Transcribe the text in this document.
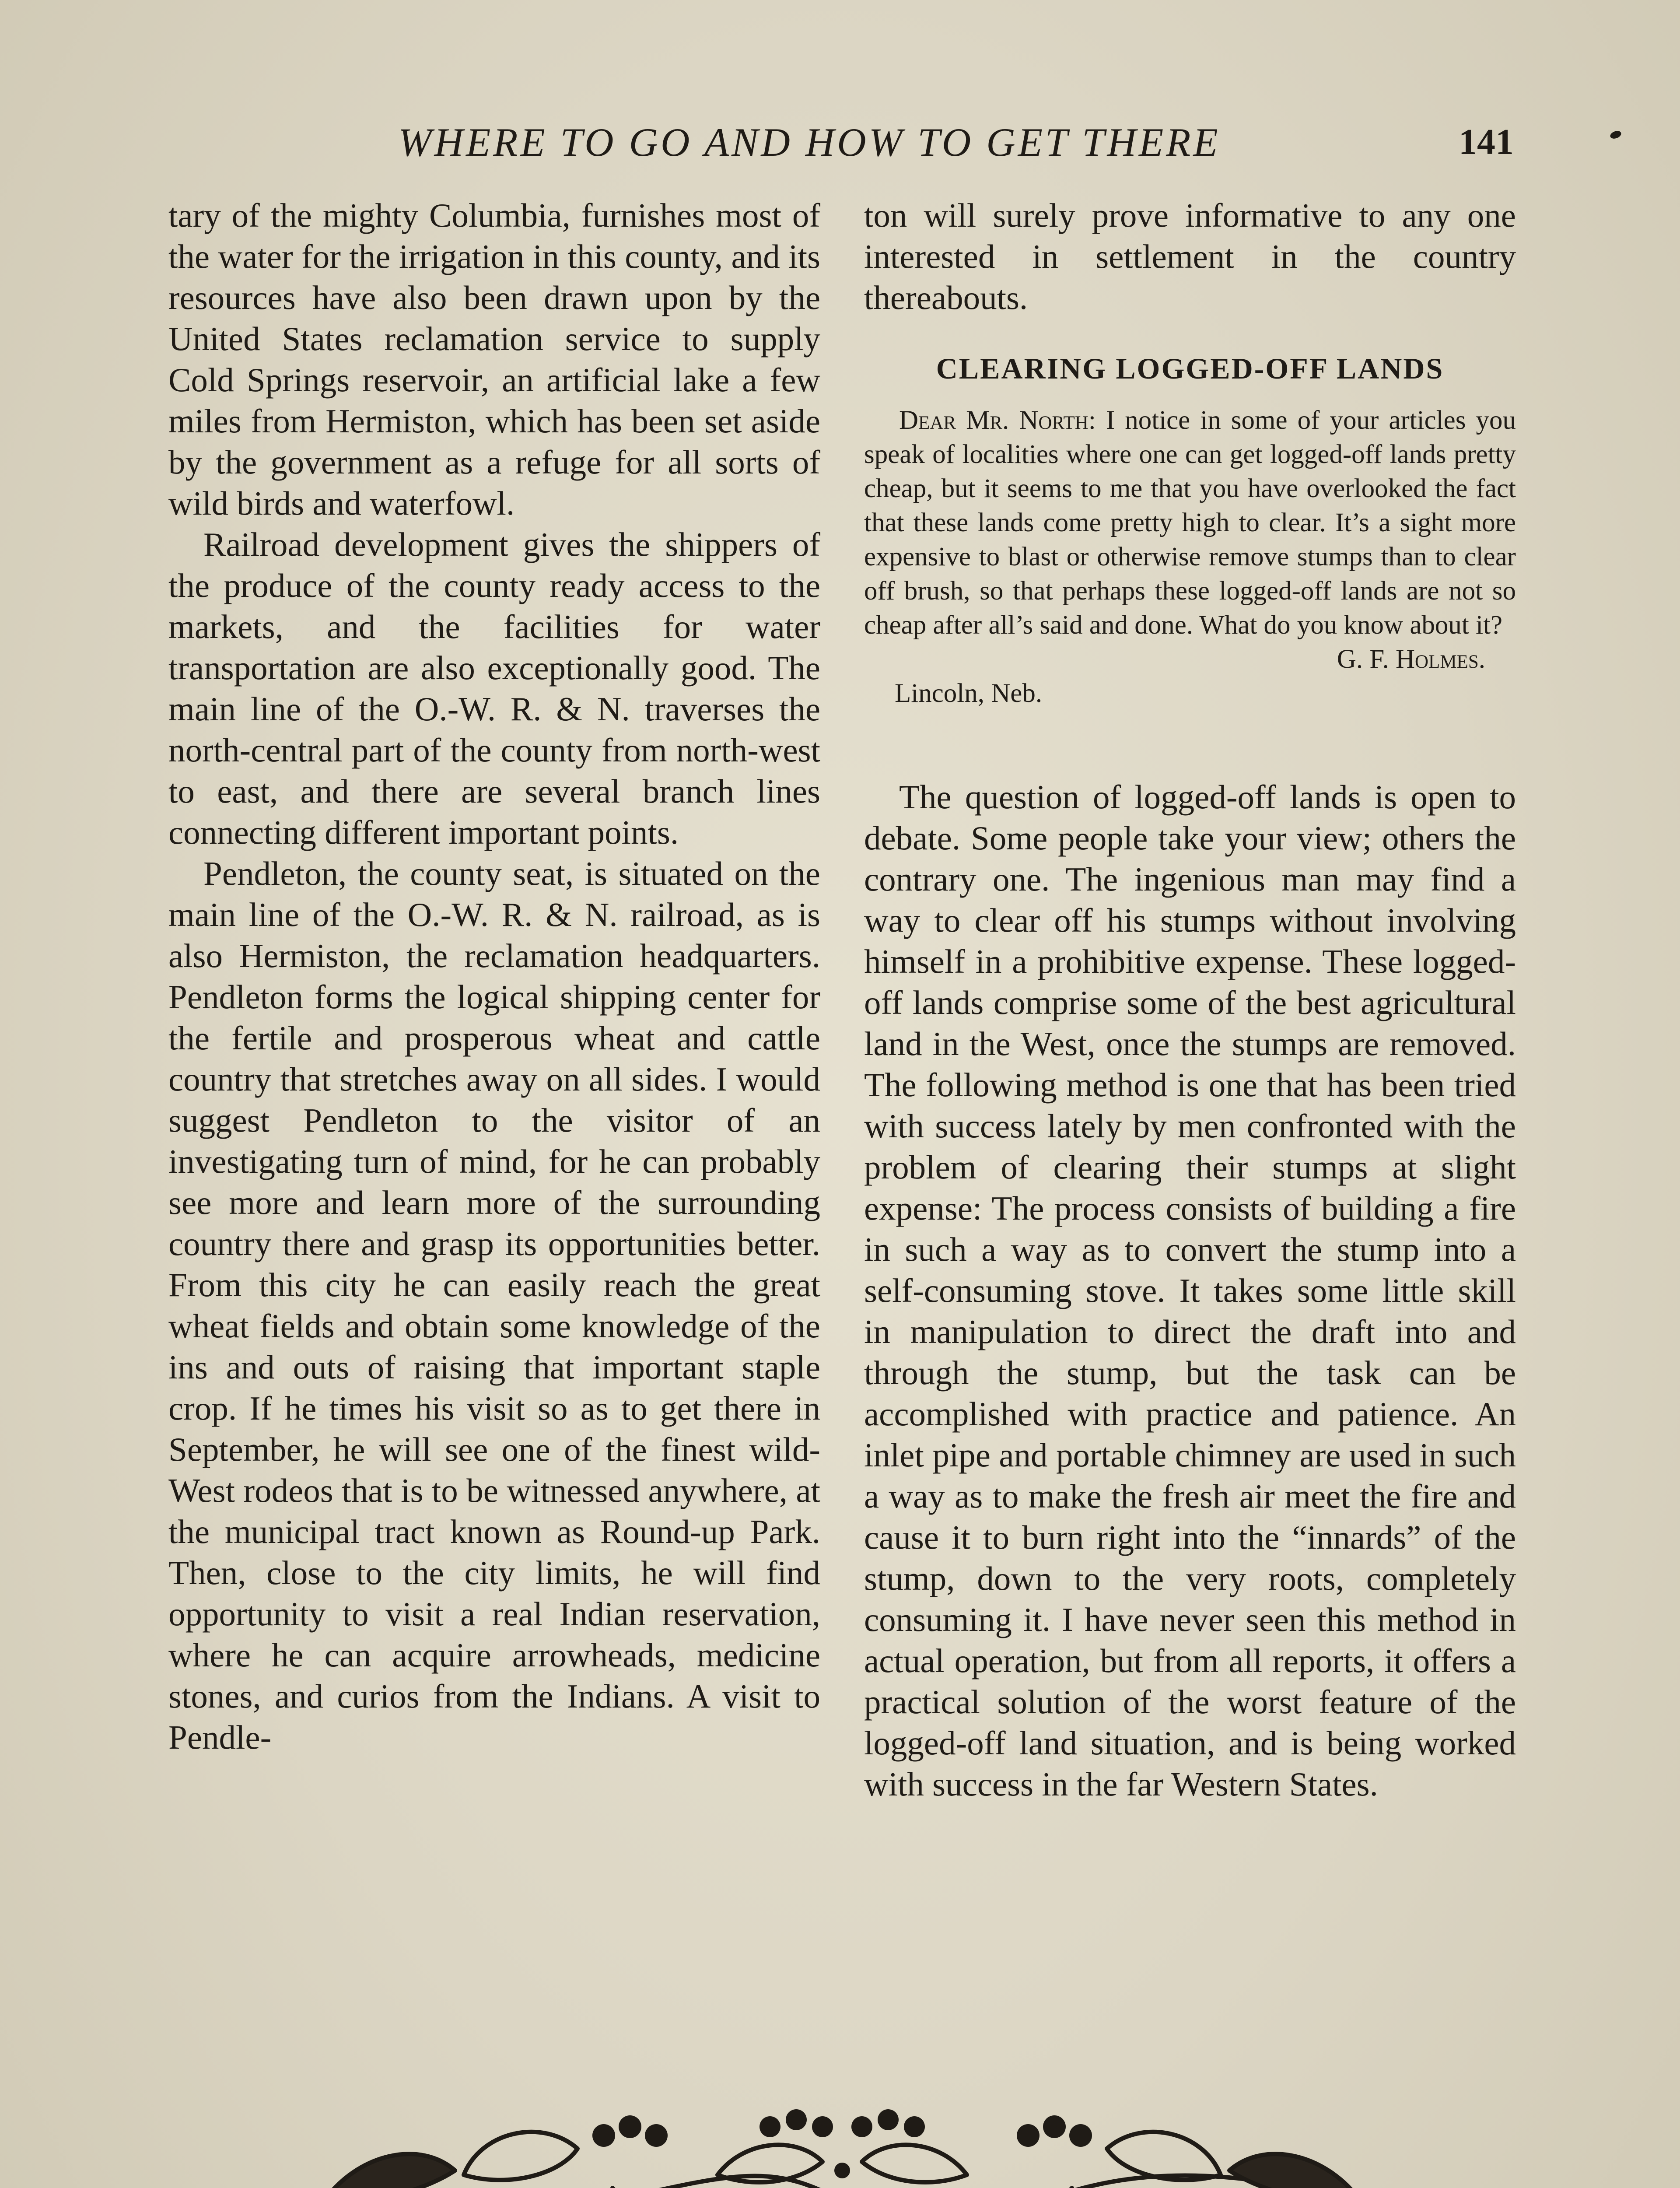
WHERE TO GO AND HOW TO GET THERE	141

tary of the mighty Columbia, furnishes most of the water for the irrigation in this county, and its resources have also been drawn upon by the United States reclamation service to supply Cold Springs reservoir, an artificial lake a few miles from Hermiston, which has been set aside by the government as a refuge for all sorts of wild birds and waterfowl.

Railroad development gives the shippers of the produce of the county ready access to the markets, and the facilities for water transportation are also exceptionally good. The main line of the O.-W. R. & N. traverses the north-central part of the county from north-west to east, and there are several branch lines connecting different important points.

Pendleton, the county seat, is situated on the main line of the O.-W. R. & N. railroad, as is also Hermiston, the reclamation headquarters. Pendleton forms the logical shipping center for the fertile and prosperous wheat and cattle country that stretches away on all sides. I would suggest Pendleton to the visitor of an investigating turn of mind, for he can probably see more and learn more of the surrounding country there and grasp its opportunities better. From this city he can easily reach the great wheat fields and obtain some knowledge of the ins and outs of raising that important staple crop. If he times his visit so as to get there in September, he will see one of the finest wild-West rodeos that is to be witnessed anywhere, at the municipal tract known as Round-up Park. Then, close to the city limits, he will find opportunity to visit a real Indian reservation, where he can acquire arrowheads, medicine stones, and curios from the Indians. A visit to Pendle-

ton will surely prove informative to any one interested in settlement in the country thereabouts.

CLEARING LOGGED-OFF LANDS

Dear Mr. North: I notice in some of your articles you speak of localities where one can get logged-off lands pretty cheap, but it seems to me that you have overlooked the fact that these lands come pretty high to clear. It’s a sight more expensive to blast or otherwise remove stumps than to clear off brush, so that perhaps these logged-off lands are not so cheap after all’s said and done. What do you know about it?

G. F. Holmes.

Lincoln, Neb.

The question of logged-off lands is open to debate. Some people take your view; others the contrary one. The ingenious man may find a way to clear off his stumps without involving himself in a prohibitive expense. These logged-off lands comprise some of the best agricultural land in the West, once the stumps are removed. The following method is one that has been tried with success lately by men confronted with the problem of clearing their stumps at slight expense: The process consists of building a fire in such a way as to convert the stump into a self-consuming stove. It takes some little skill in manipulation to direct the draft into and through the stump, but the task can be accomplished with practice and patience. An inlet pipe and portable chimney are used in such a way as to make the fresh air meet the fire and cause it to burn right into the “innards” of the stump, down to the very roots, completely consuming it. I have never seen this method in actual operation, but from all reports, it offers a practical solution of the worst feature of the logged-off land situation, and is being worked with success in the far Western States.
